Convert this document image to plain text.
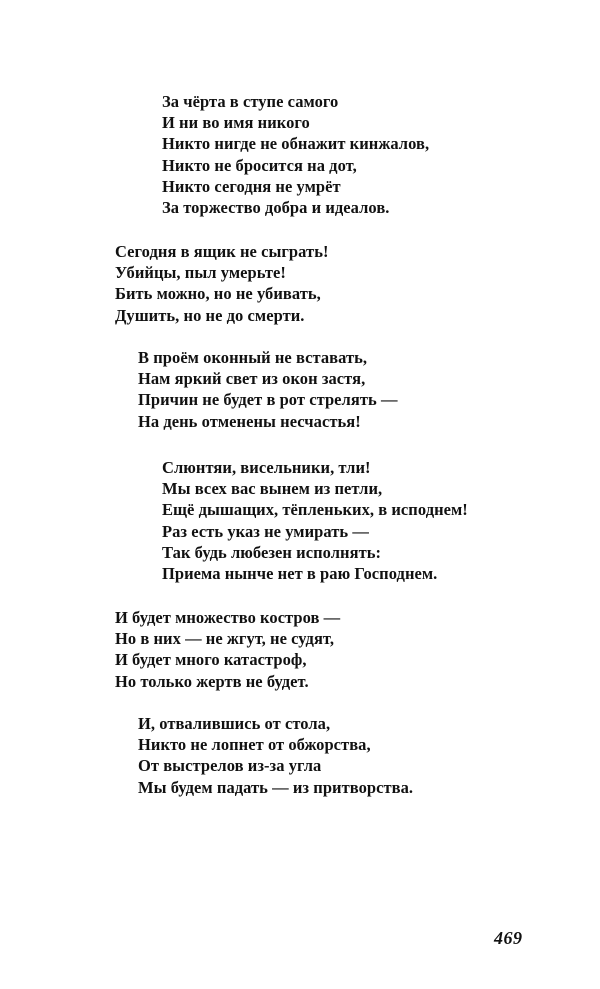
За чёрта в ступе самого
И ни во имя никого
Никто нигде не обнажит кинжалов,
Никто не бросится на дот,
Никто сегодня не умрёт
За торжество добра и идеалов.
Сегодня в ящик не сыграть!
Убийцы, пыл умерьте!
Бить можно, но не убивать,
Душить, но не до смерти.
В проём оконный не вставать,
Нам яркий свет из окон застя,
Причин не будет в рот стрелять —
На день отменены несчастья!
Слюнтяи, висельники, тли!
Мы всех вас вынем из петли,
Ещё дышащих, тёпленьких, в исподнем!
Раз есть указ не умирать —
Так будь любезен исполнять:
Приема нынче нет в раю Господнем.
И будет множество костров —
Но в них — не жгут, не судят,
И будет много катастроф,
Но только жертв не будет.
И, отвалившись от стола,
Никто не лопнет от обжорства,
От выстрелов из-за угла
Мы будем падать — из притворства.
469
